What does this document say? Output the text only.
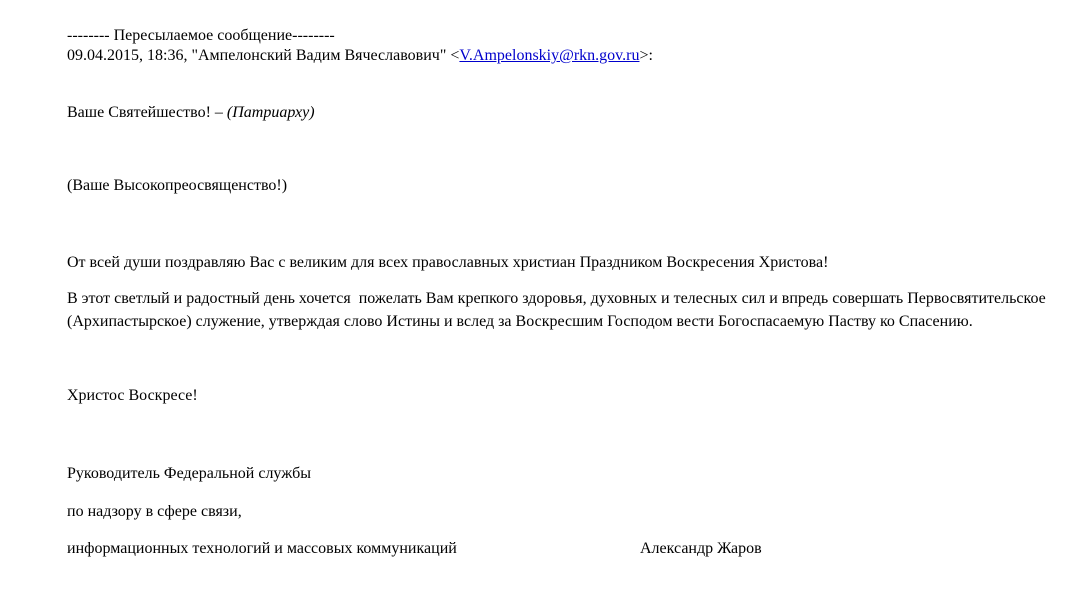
-------- Пересылаемое сообщение--------
09.04.2015, 18:36, "Ампелонский Вадим Вячеславович" <V.Ampelonskiy@rkn.gov.ru>:

Ваше Святейшество! – (Патриарху)

(Ваше Высокопреосвященство!)

От всей души поздравляю Вас с великим для всех православных христиан Праздником Воскресения Христова!

В этот светлый и радостный день хочется  пожелать Вам крепкого здоровья, духовных и телесных сил и впредь совершать Первосвятительское
(Архипастырское) служение, утверждая слово Истины и вслед за Воскресшим Господом вести Богоспасаемую Паству ко Спасению.

Христос Воскресе!

Руководитель Федеральной службы

по надзору в сфере связи,

информационных технологий и массовых коммуникаций	Александр Жаров
